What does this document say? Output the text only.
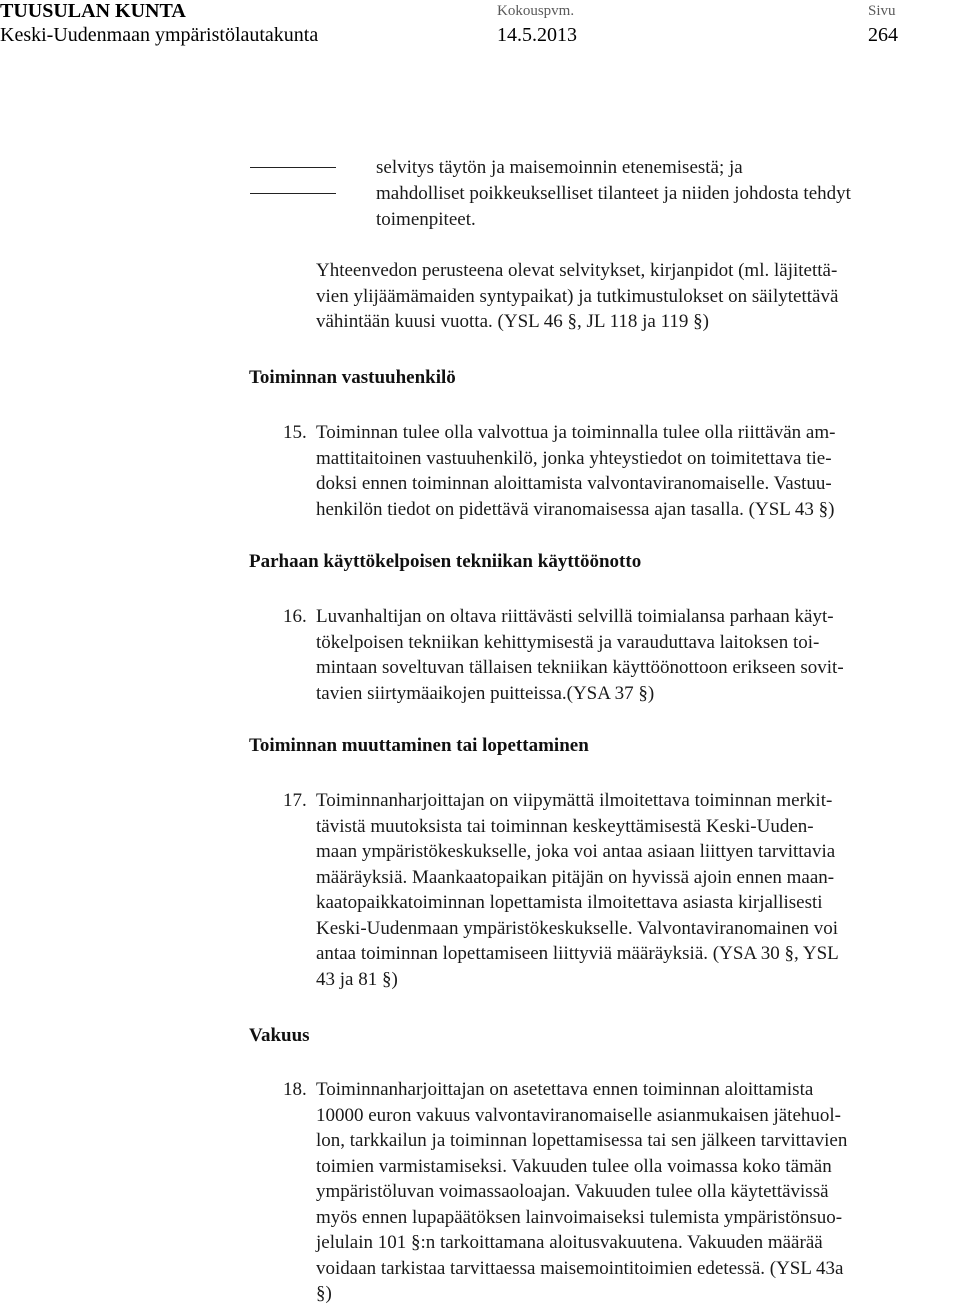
TUUSULAN KUNTA
Keski-Uudenmaan ympäristölautakunta
Kokouspvm.
14.5.2013
Sivu
264
selvitys täytön ja maisemoinnin etenemisestä; ja
mahdolliset poikkeukselliset tilanteet ja niiden johdosta tehdyt
toimenpiteet.
Yhteenvedon perusteena olevat selvitykset, kirjanpidot (ml. läjitettä-
vien ylijäämämaiden syntypaikat) ja tutkimustulokset on säilytettävä
vähintään kuusi vuotta. (YSL 46 §, JL 118 ja 119 §)
Toiminnan vastuuhenkilö
15. Toiminnan tulee olla valvottua ja toiminnalla tulee olla riittävän am-
mattitaitoinen vastuuhenkilö, jonka yhteystiedot on toimitettava tie-
doksi ennen toiminnan aloittamista valvontaviranomaiselle. Vastuu-
henkilön tiedot on pidettävä viranomaisessa ajan tasalla. (YSL 43 §)
Parhaan käyttökelpoisen tekniikan käyttöönotto
16. Luvanhaltijan on oltava riittävästi selvillä toimialansa parhaan käyt-
tökelpoisen tekniikan kehittymisestä ja varauduttava laitoksen toi-
mintaan soveltuvan tällaisen tekniikan käyttöönottoon erikseen sovit-
tavien siirtymäaikojen puitteissa.(YSA 37 §)
Toiminnan muuttaminen tai lopettaminen
17. Toiminnanharjoittajan on viipymättä ilmoitettava toiminnan merkit-
tävistä muutoksista tai toiminnan keskeyttämisestä Keski-Uuden-
maan ympäristökeskukselle, joka voi antaa asiaan liittyen tarvittavia
määräyksiä. Maankaatopaikan pitäjän on hyvissä ajoin ennen maan-
kaatopaikkatoiminnan lopettamista ilmoitettava asiasta kirjallisesti
Keski-Uudenmaan ympäristökeskukselle. Valvontaviranomainen voi
antaa toiminnan lopettamiseen liittyviä määräyksiä. (YSA 30 §, YSL
43 ja 81 §)
Vakuus
18. Toiminnanharjoittajan on asetettava ennen toiminnan aloittamista
10000 euron vakuus valvontaviranomaiselle asianmukaisen jätehuol-
lon, tarkkailun ja toiminnan lopettamisessa tai sen jälkeen tarvittavien
toimien varmistamiseksi. Vakuuden tulee olla voimassa koko tämän
ympäristöluvan voimassaoloajan. Vakuuden tulee olla käytettävissä
myös ennen lupapäätöksen lainvoimaiseksi tulemista ympäristönsuo-
jelulain 101 §:n tarkoittamana aloitusvakuutena. Vakuuden määrää
voidaan tarkistaa tarvittaessa maisemointitoimien edetessä. (YSL 43a
§)
